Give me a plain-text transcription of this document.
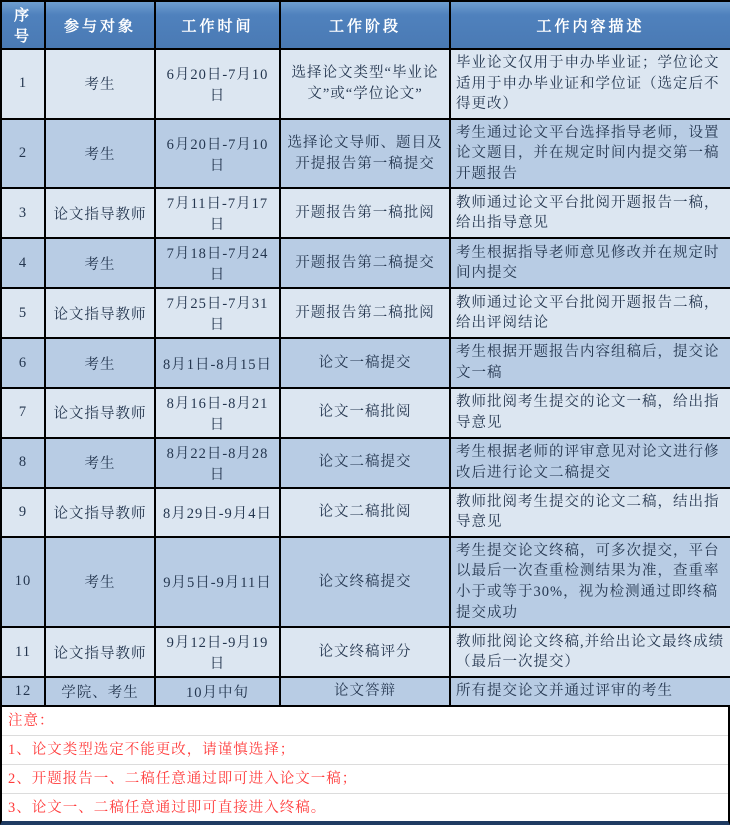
序号	参与对象	工作时间	工作阶段	工作内容描述
1	考生	6月20日-7月10日	选择论文类型“毕业论文”或“学位论文”	毕业论文仅用于申办毕业证；学位论文适用于申办毕业证和学位证（选定后不得更改）
2	考生	6月20日-7月10日	选择论文导师、题目及开提报告第一稿提交	考生通过论文平台选择指导老师，设置论文题目，并在规定时间内提交第一稿开题报告
3	论文指导教师	7月11日-7月17日	开题报告第一稿批阅	教师通过论文平台批阅开题报告一稿，给出指导意见
4	考生	7月18日-7月24日	开题报告第二稿提交	考生根据指导老师意见修改并在规定时间内提交
5	论文指导教师	7月25日-7月31日	开题报告第二稿批阅	教师通过论文平台批阅开题报告二稿，给出评阅结论
6	考生	8月1日-8月15日	论文一稿提交	考生根据开题报告内容组稿后，提交论文一稿
7	论文指导教师	8月16日-8月21日	论文一稿批阅	教师批阅考生提交的论文一稿，给出指导意见
8	考生	8月22日-8月28日	论文二稿提交	考生根据老师的评审意见对论文进行修改后进行论文二稿提交
9	论文指导教师	8月29日-9月4日	论文二稿批阅	教师批阅考生提交的论文二稿，结出指导意见
10	考生	9月5日-9月11日	论文终稿提交	考生提交论文终稿，可多次提交，平台以最后一次查重检测结果为准，查重率小于或等于30%，视为检测通过即终稿提交成功
11	论文指导教师	9月12日-9月19日	论文终稿评分	教师批阅论文终稿,并给出论文最终成绩（最后一次提交）
12	学院、考生	10月中旬	论文答辩	所有提交论文并通过评审的考生
注意：
1、论文类型选定不能更改，请谨慎选择；
2、开题报告一、二稿任意通过即可进入论文一稿；
3、论文一、二稿任意通过即可直接进入终稿。
